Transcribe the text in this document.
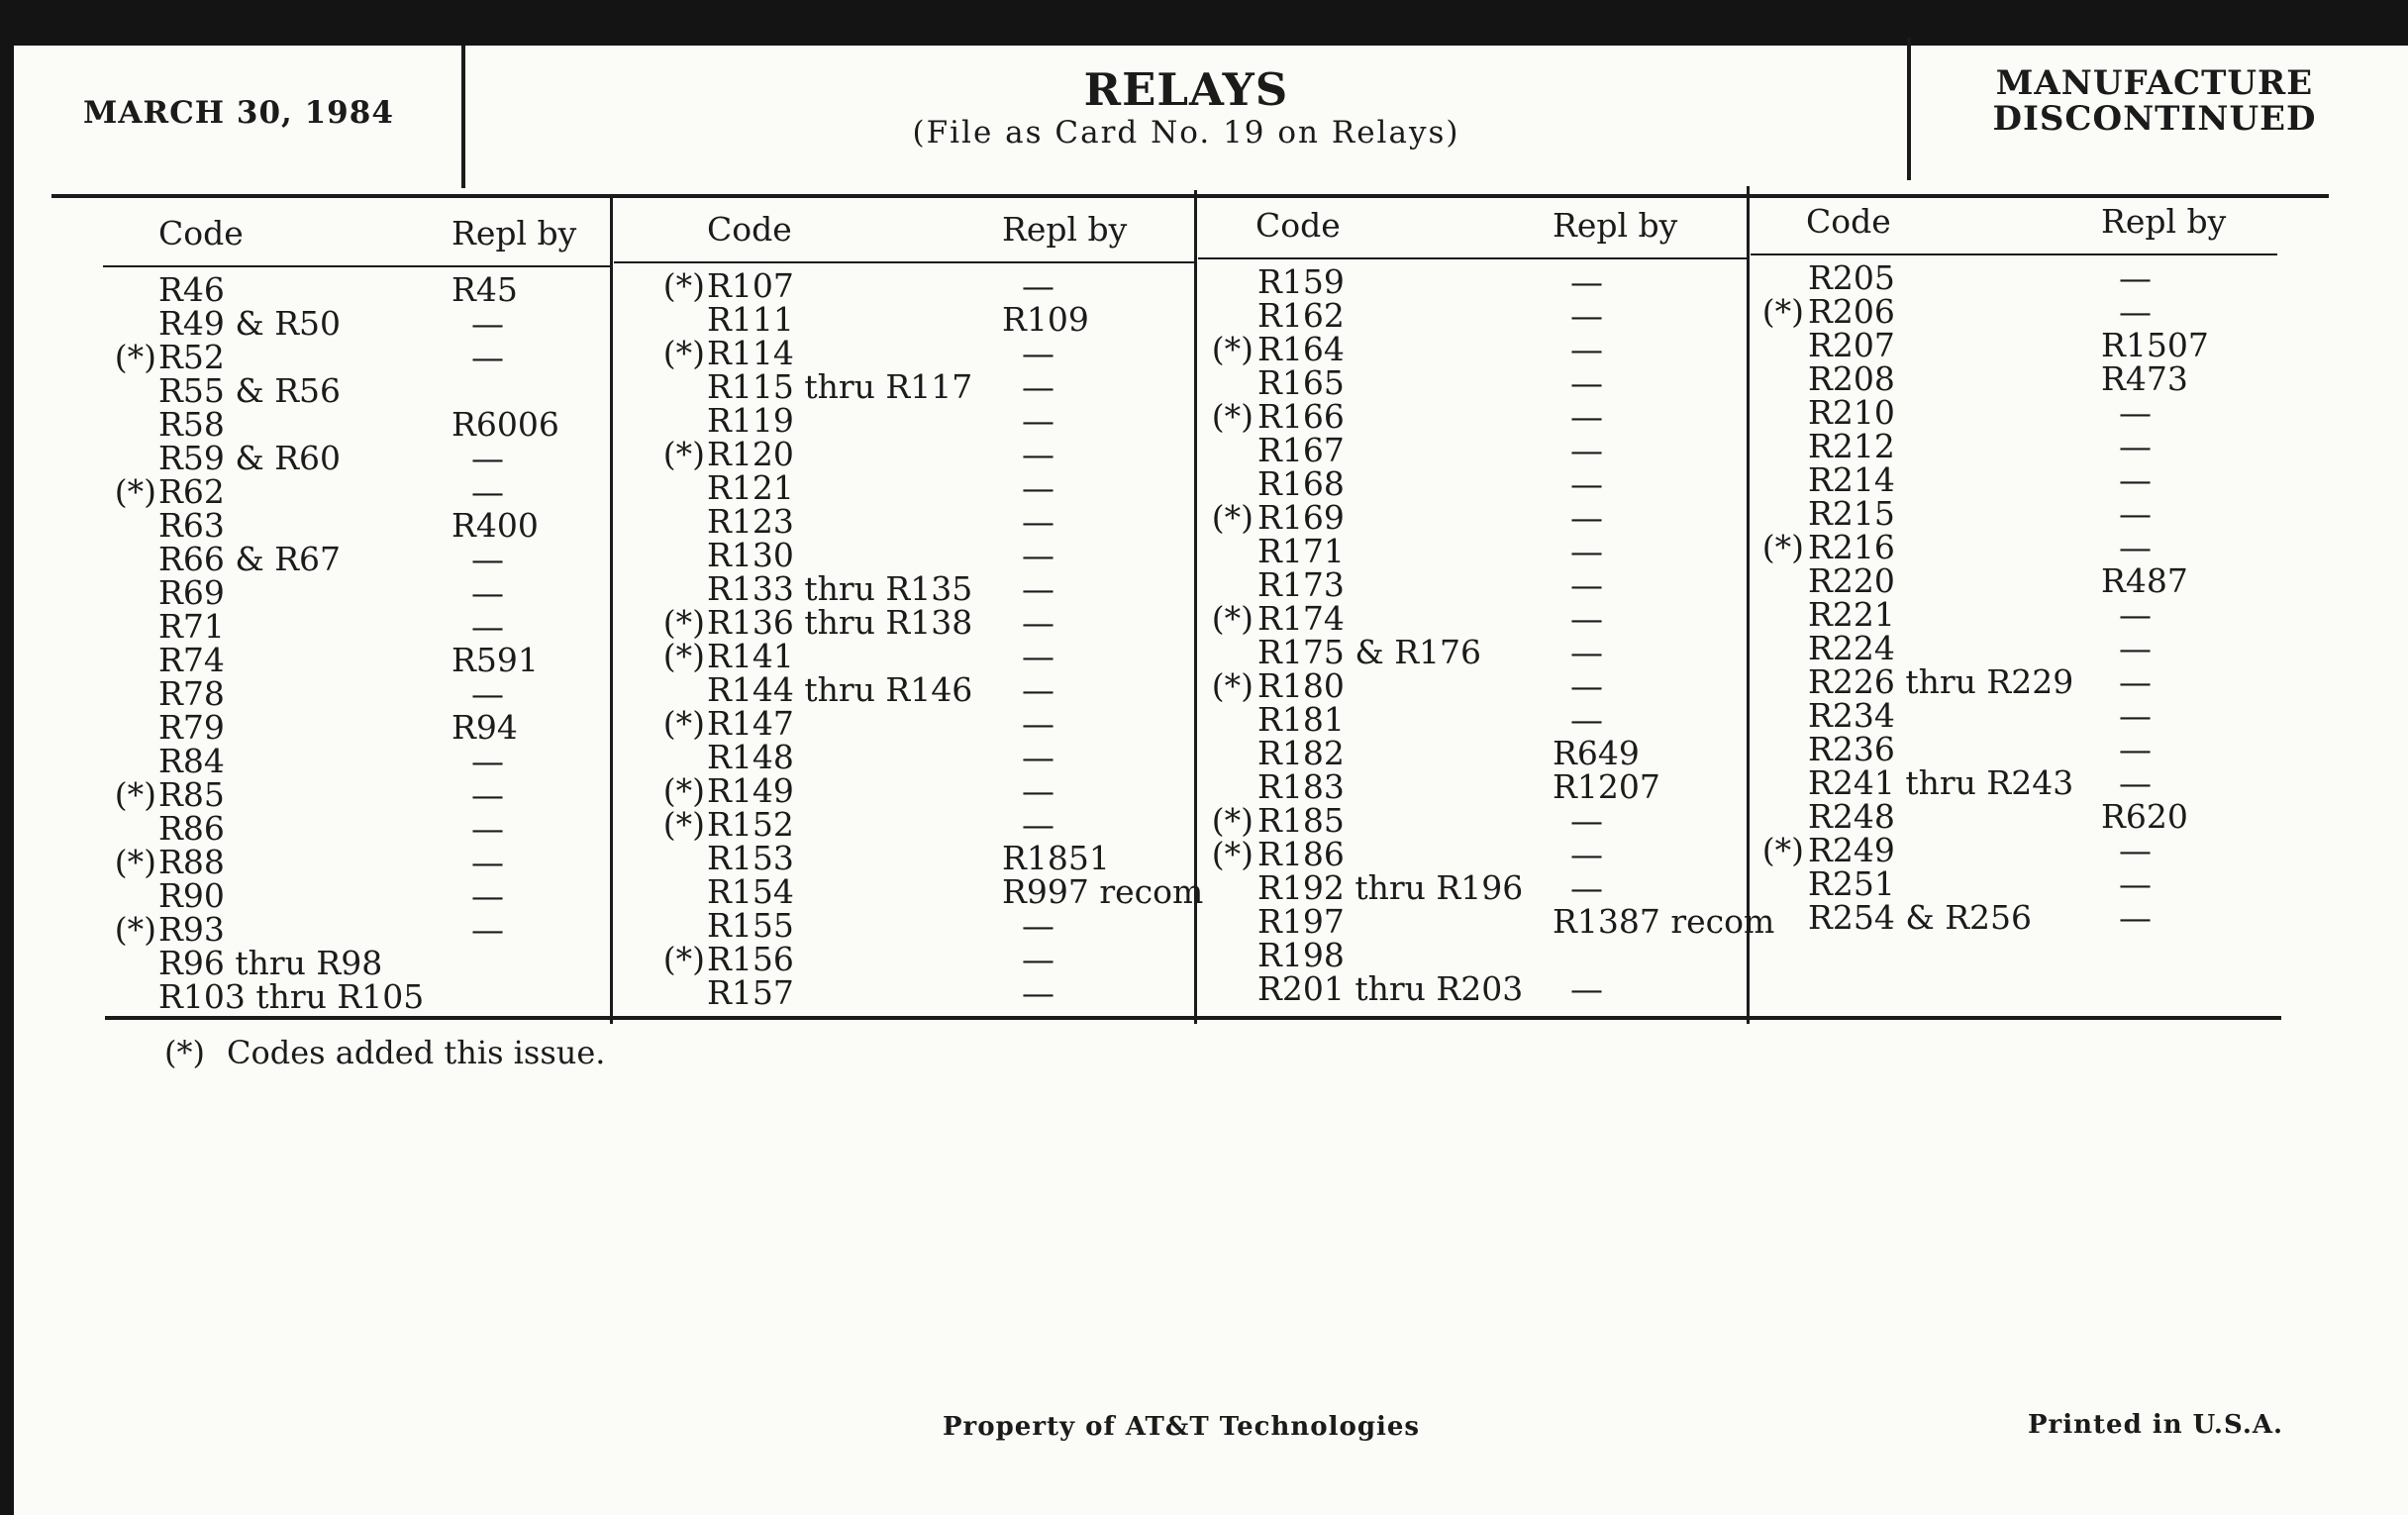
MARCH 30, 1984	RELAYS
(File as Card No. 19 on Relays)
MANUFACTURE
DISCONTINUED
Code	Repl by
R46	R45
R49 & R50	—
(*) R52	—
R55 & R56
R58	R6006
R59 & R60	—
(*) R62	—
R63	R400
R66 & R67	—
R69	—
R71	—
R74	R591
R78	—
R79	R94
R84	—
(*) R85	—
R86	—
(*) R88	—
R90	—
(*) R93	—
R96 thru R98
R103 thru R105
Code	Repl by
(*) R107	—
R111	R109
(*) R114	—
R115 thru R117 —
R119	—
(*) R120	—
R121	—
R123	—
R130	—
R133 thru R135 —
(*) R136 thru R138 —
(*) R141	—
R144 thru R146 —
(*) R147	—
R148	—
(*) R149	—
(*) R152	—
R153	R1851
R154	R997 recom
R155	—
(*) R156	—
R157	—
Code	Repl by
R159	—
R162	—
(*) R164	—
R165	—
(*) R166	—
R167	—
R168	—
(*) R169	—
R171	—
R173	—
(*) R174	—
R175 & R176	—
(*) R180	—
R181	—
R182	R649
R183	R1207
(*) R185	—
(*) R186	—
R192 thru R196 —
R197	R1387 recom
R198
R201 thru R203 —
Code	Repl by
R205	—
(*) R206	—
R207	R1507
R208	R473
R210	—
R212	—
R214	—
R215	—
(*) R216	—
R220	R487
R221	—
R224	—
R226 thru R229 —
R234	—
R236	—
R241 thru R243 —
R248	R620
(*) R249	—
R251	—
R254 & R256	—
(*) Codes added this issue.
Property of AT&T Technologies	Printed in U.S.A.
